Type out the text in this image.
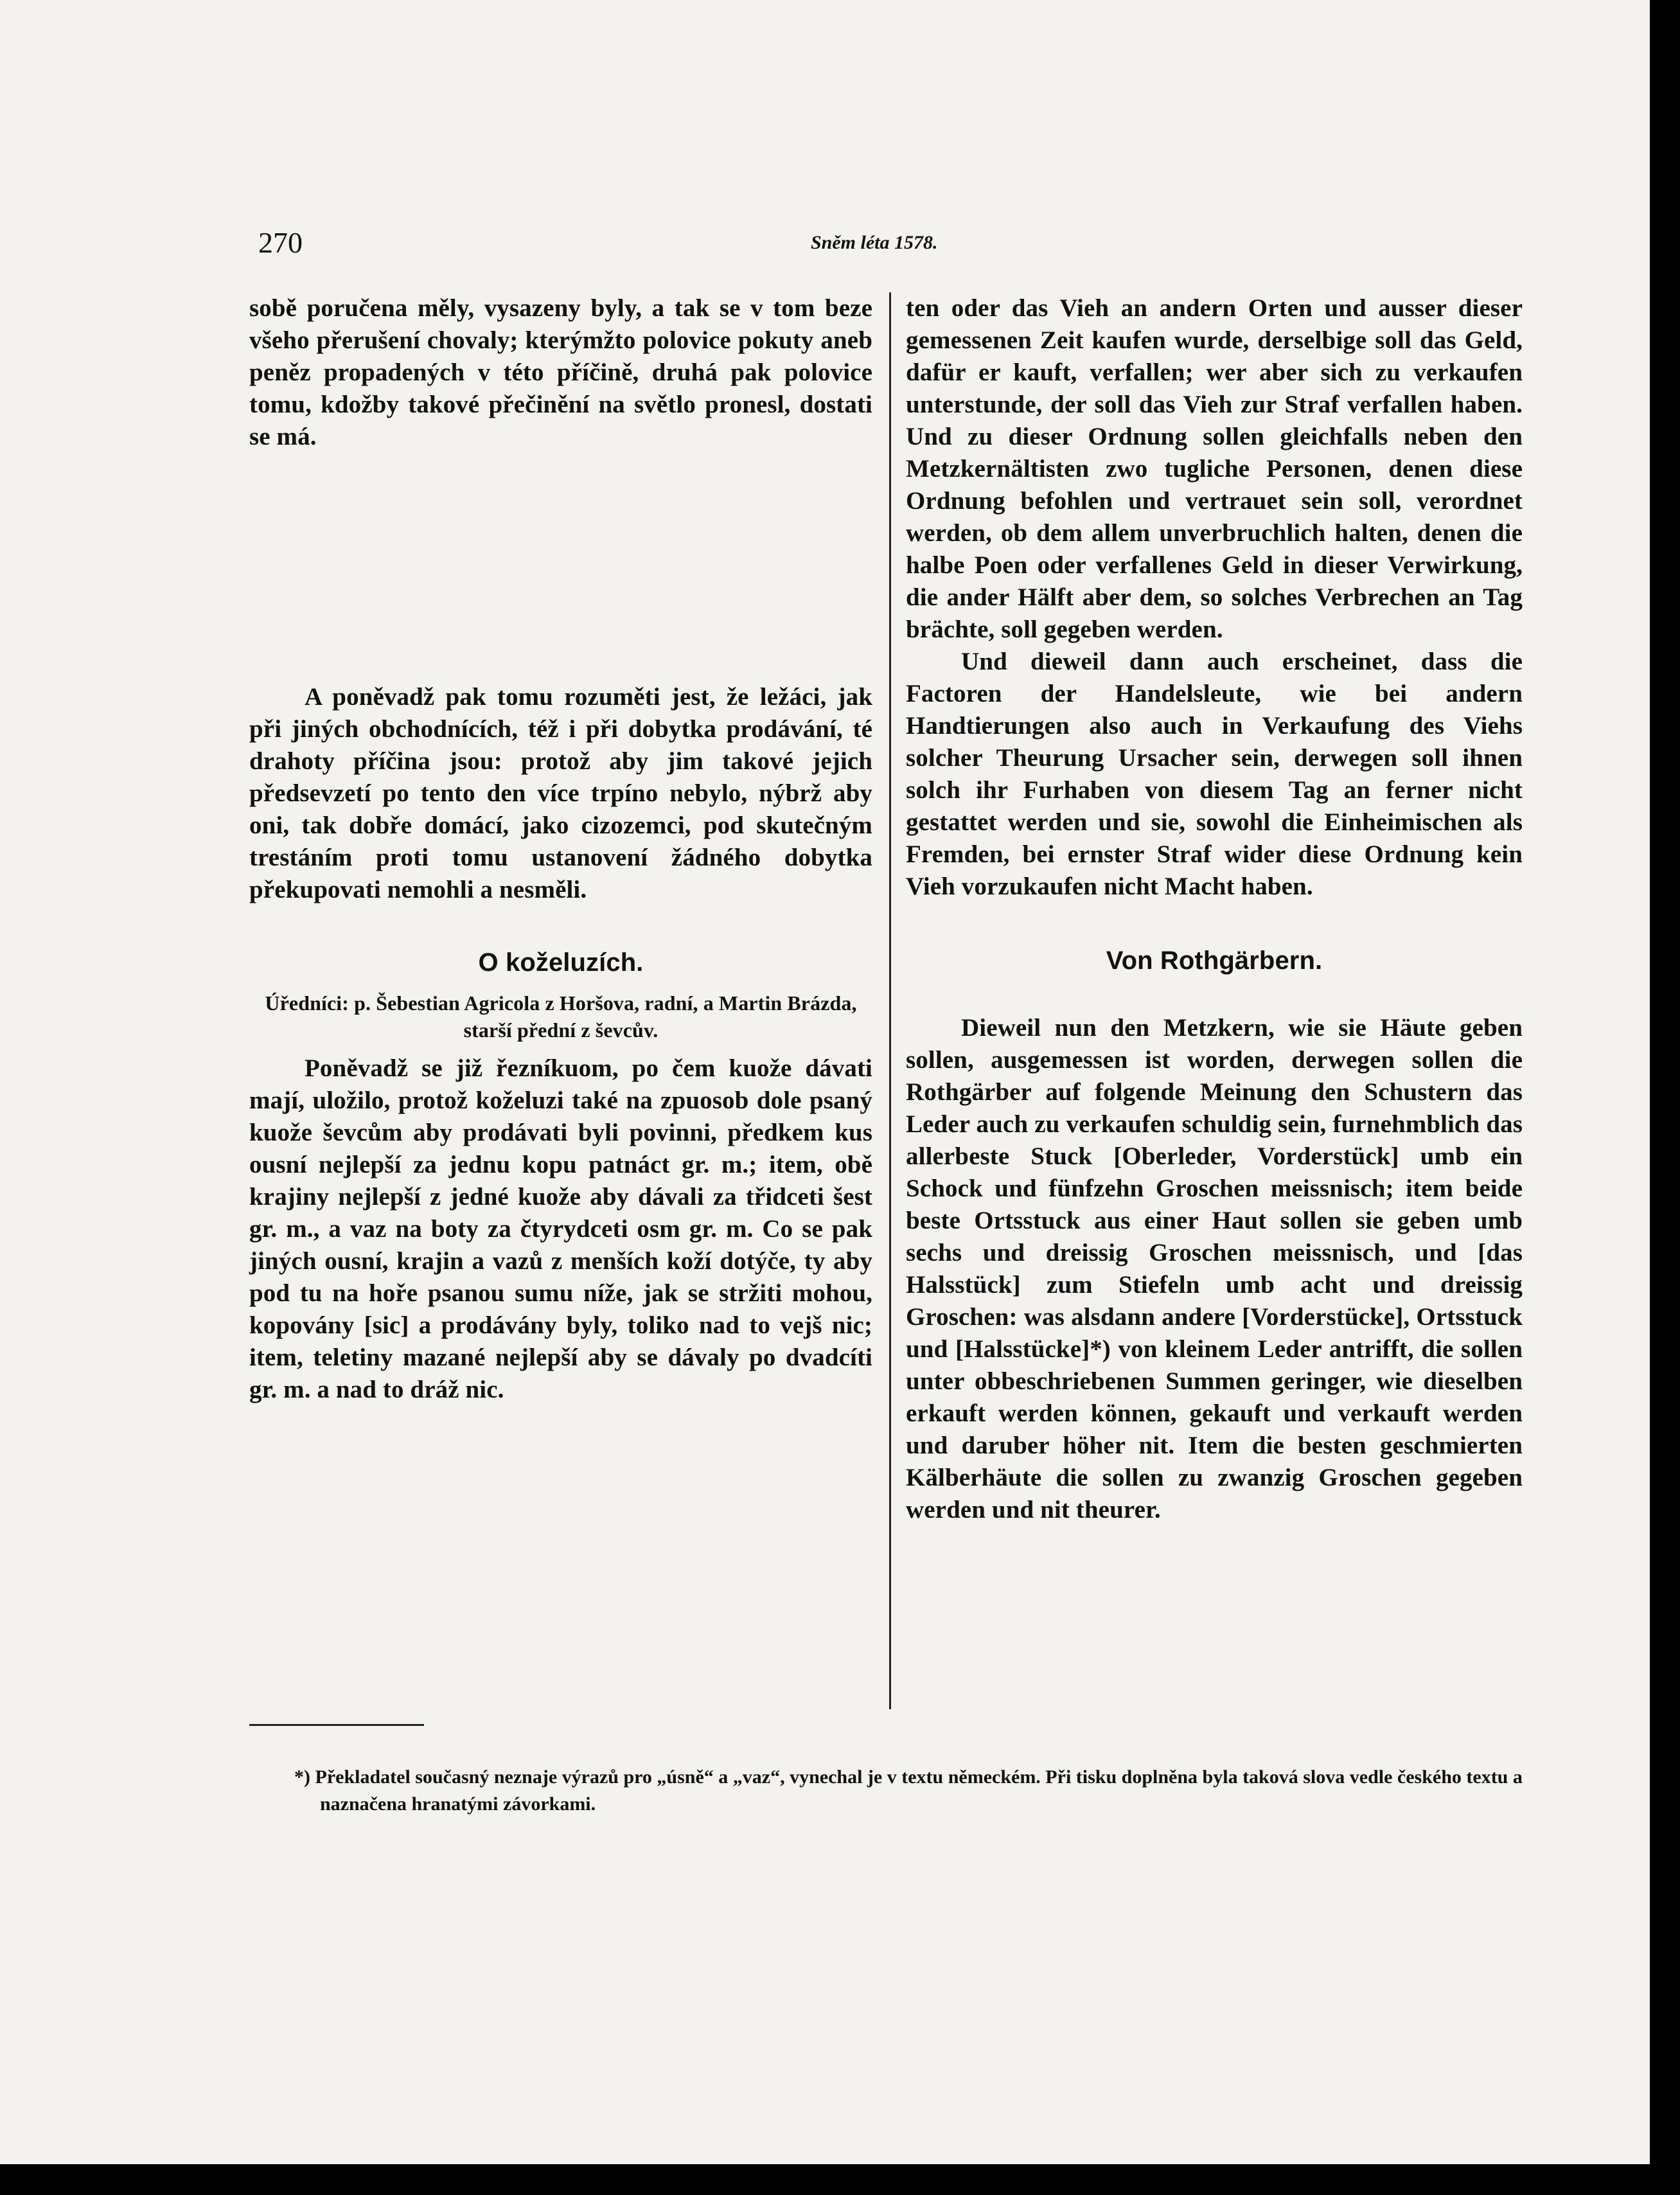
270	Sněm léta 1578.

sobě poručena měly, vysazeny byly, a tak se v tom beze všeho přerušení chovaly; kterýmžto polovice pokuty aneb peněz propadených v této příčině, druhá pak polovice tomu, kdožby takové přečinění na světlo pronesl, dostati se má.

A poněvadž pak tomu rozuměti jest, že ležáci, jak při jiných obchodnících, též i při dobytka prodávání, té drahoty příčina jsou: protož aby jim takové jejich předsevzetí po tento den více trpíno nebylo, nýbrž aby oni, tak dobře domácí, jako cizozemci, pod skutečným trestáním proti tomu ustanovení žádného dobytka překupovati nemohli a nesměli.

O koželuzích.

Úředníci: p. Šebestian Agricola z Horšova, radní, a Martin Brázda, starší přední z ševcův.

Poněvadž se již řezníkuom, po čem kuože dávati mají, uložilo, protož koželuzi také na zpuosob dole psaný kuože ševcům aby prodávati byli povinni, předkem kus ousní nejlepší za jednu kopu patnáct gr. m.; item, obě krajiny nejlepší z jedné kuože aby dávali za třidceti šest gr. m., a vaz na boty za čtyrydceti osm gr. m. Co se pak jiných ousní, krajin a vazů z menších koží dotýče, ty aby pod tu na hoře psanou sumu níže, jak se stržiti mohou, kopovány [sic] a prodávány byly, toliko nad to vejš nic; item, teletiny mazané nejlepší aby se dávaly po dvadcíti gr. m. a nad to dráž nic.

ten oder das Vieh an andern Orten und ausser dieser gemessenen Zeit kaufen wurde, derselbige soll das Geld, dafür er kauft, verfallen; wer aber sich zu verkaufen unterstunde, der soll das Vieh zur Straf verfallen haben. Und zu dieser Ordnung sollen gleichfalls neben den Metzkernältisten zwo tugliche Personen, denen diese Ordnung befohlen und vertrauet sein soll, verordnet werden, ob dem allem unverbruchlich halten, denen die halbe Poen oder verfallenes Geld in dieser Verwirkung, die ander Hälft aber dem, so solches Verbrechen an Tag brächte, soll gegeben werden.

Und dieweil dann auch erscheinet, dass die Factoren der Handelsleute, wie bei andern Handtierungen also auch in Verkaufung des Viehs solcher Theurung Ursacher sein, derwegen soll ihnen solch ihr Furhaben von diesem Tag an ferner nicht gestattet werden und sie, sowohl die Einheimischen als Fremden, bei ernster Straf wider diese Ordnung kein Vieh vorzukaufen nicht Macht haben.

Von Rothgärbern.

Dieweil nun den Metzkern, wie sie Häute geben sollen, ausgemessen ist worden, derwegen sollen die Rothgärber auf folgende Meinung den Schustern das Leder auch zu verkaufen schuldig sein, furnehmblich das allerbeste Stuck [Oberleder, Vorderstück] umb ein Schock und fünfzehn Groschen meissnisch; item beide beste Ortsstuck aus einer Haut sollen sie geben umb sechs und dreissig Groschen meissnisch, und [das Halsstück] zum Stiefeln umb acht und dreissig Groschen: was alsdann andere [Vorderstücke], Ortsstuck und [Halsstücke]*) von kleinem Leder antrifft, die sollen unter obbeschriebenen Summen geringer, wie dieselben erkauft werden können, gekauft und verkauft werden und daruber höher nit. Item die besten geschmierten Kälberhäute die sollen zu zwanzig Groschen gegeben werden und nit theurer.

*) Překladatel současný neznaje výrazů pro „úsně“ a „vaz“, vynechal je v textu německém. Při tisku doplněna byla taková slova vedle českého textu a naznačena hranatými závorkami.
